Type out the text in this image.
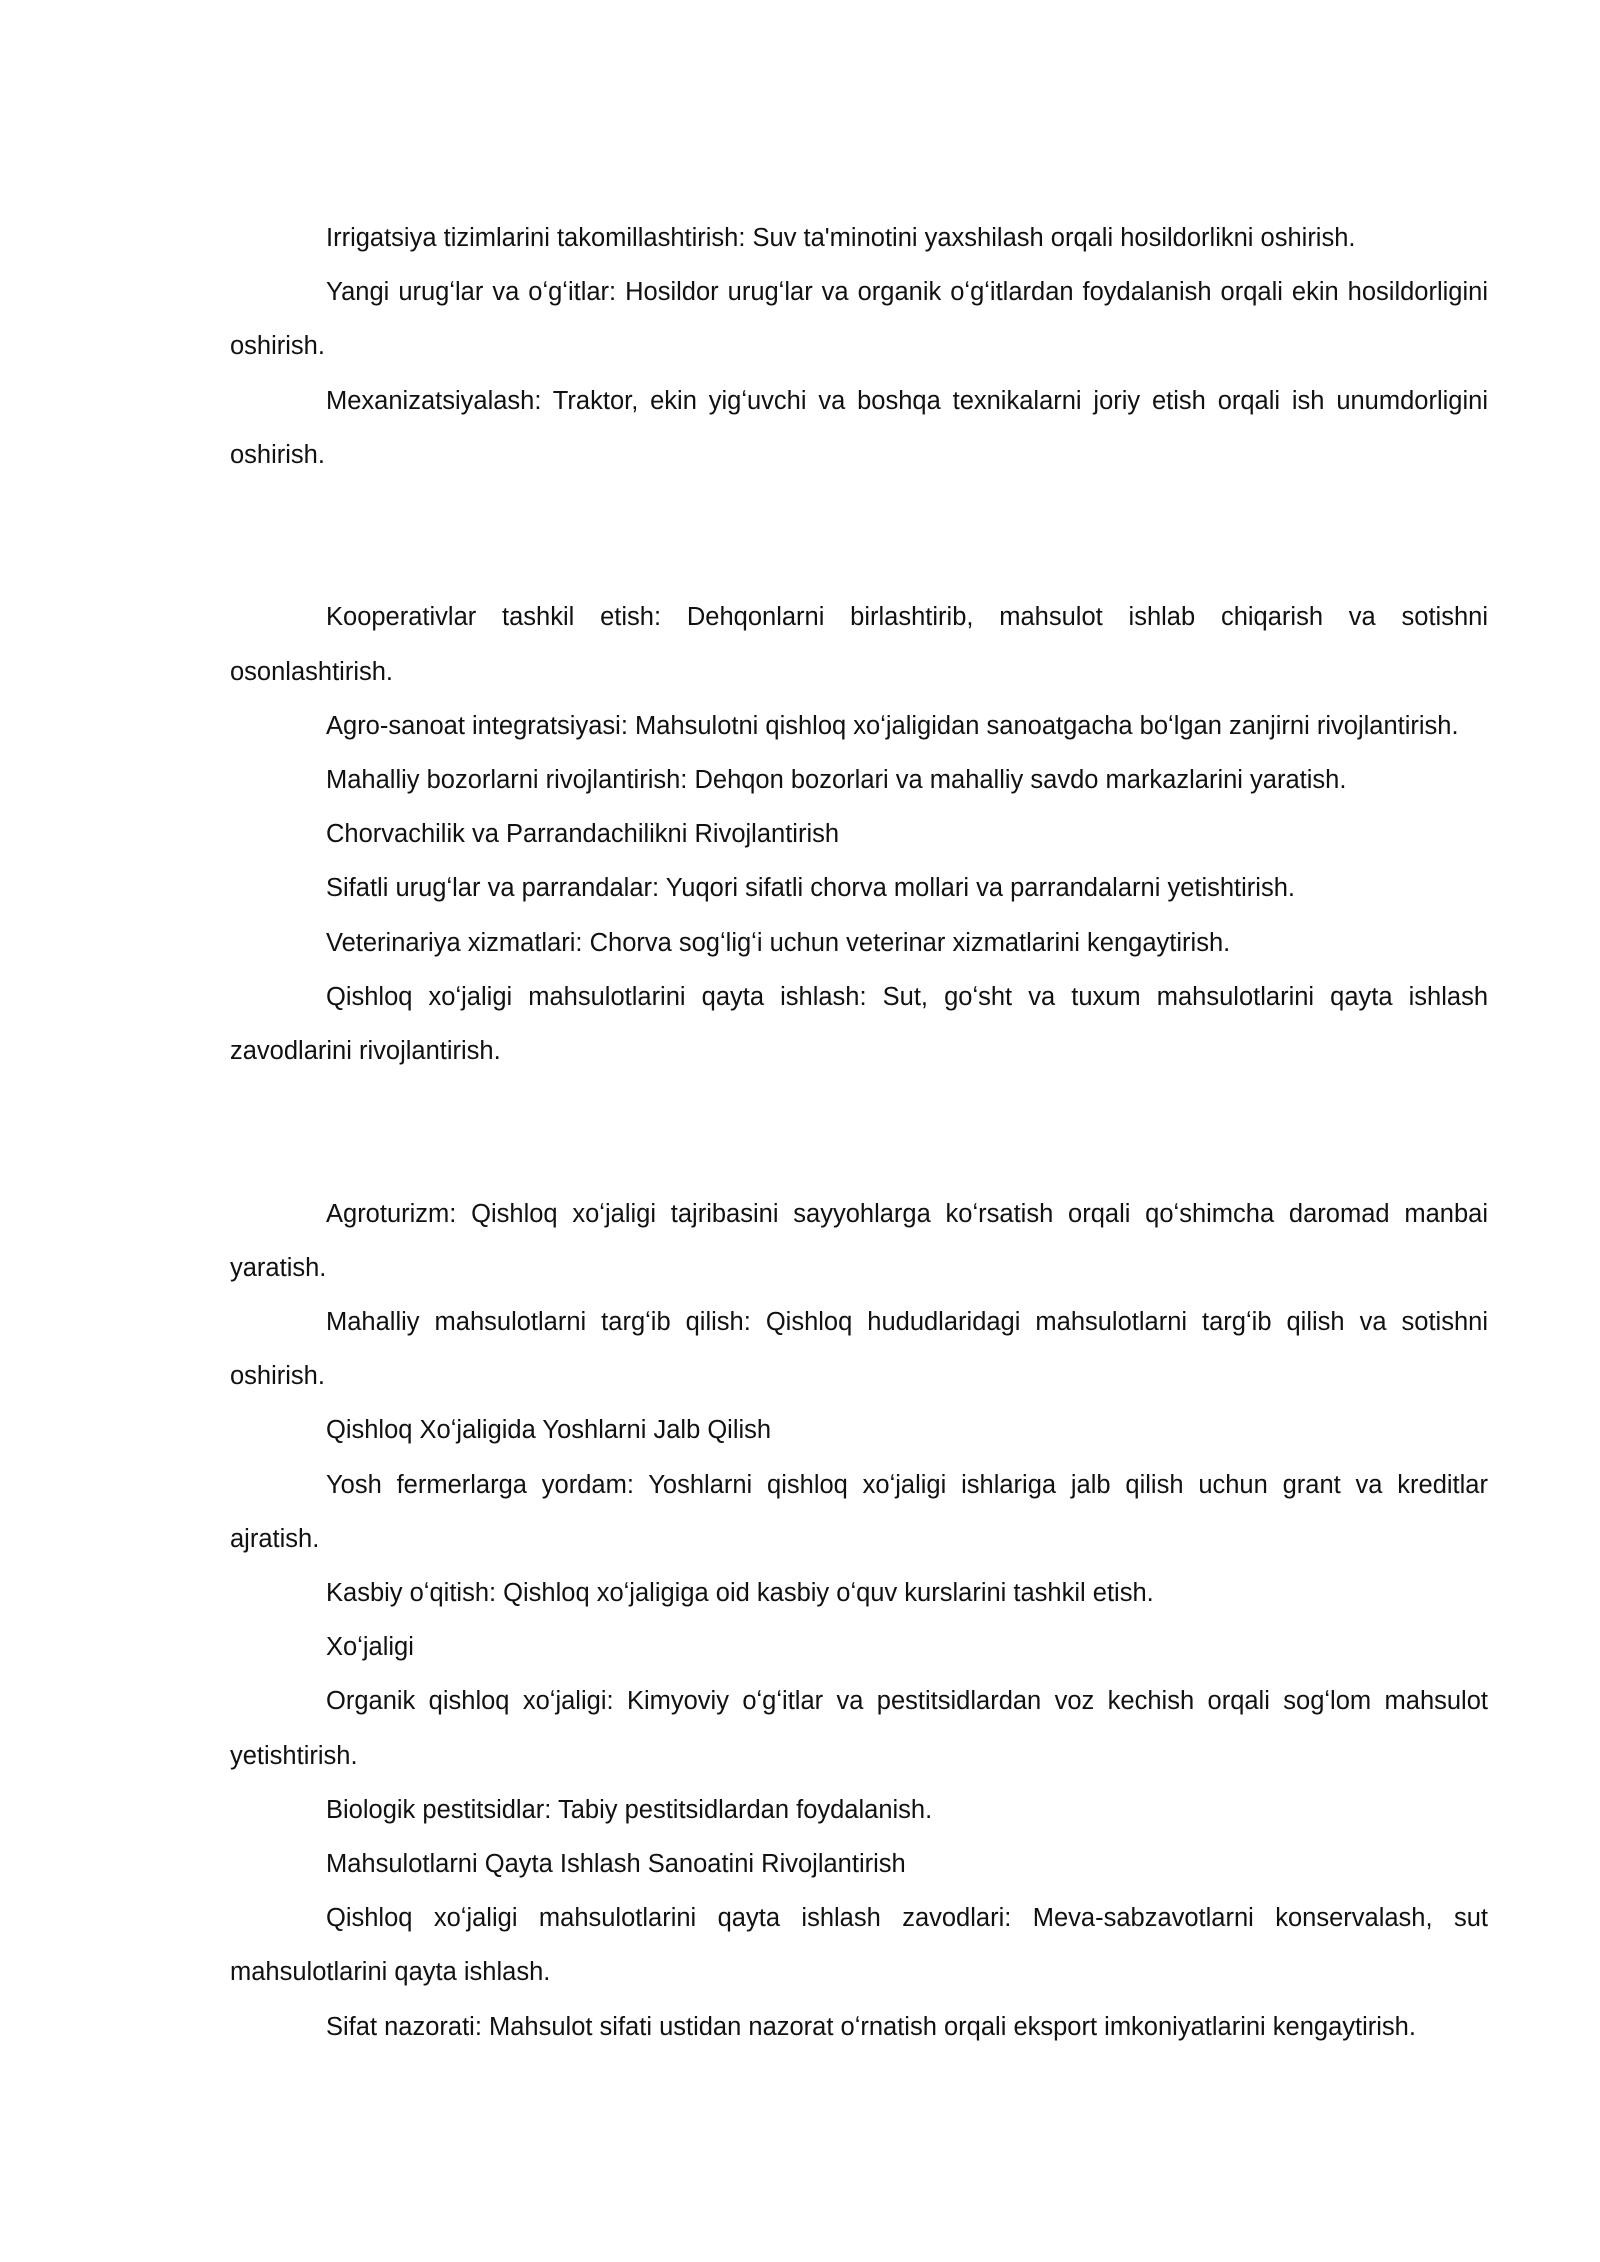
Irrigatsiya tizimlarini takomillashtirish: Suv ta'minotini yaxshilash orqali hosildorlikni oshirish.

Yangi urugʻlar va oʻgʻitlar: Hosildor urugʻlar va organik oʻgʻitlardan foydalanish orqali ekin hosildorligini oshirish.

Mexanizatsiyalash: Traktor, ekin yigʻuvchi va boshqa texnikalarni joriy etish orqali ish unumdorligini oshirish.

Kooperativlar tashkil etish: Dehqonlarni birlashtirib, mahsulot ishlab chiqarish va sotishni osonlashtirish.

Agro-sanoat integratsiyasi: Mahsulotni qishloq xoʻjaligidan sanoatgacha boʻlgan zanjirni rivojlantirish.

Mahalliy bozorlarni rivojlantirish: Dehqon bozorlari va mahalliy savdo markazlarini yaratish.

Chorvachilik va Parrandachilikni Rivojlantirish

Sifatli urugʻlar va parrandalar: Yuqori sifatli chorva mollari va parrandalarni yetishtirish.

Veterinariya xizmatlari: Chorva sogʻligʻi uchun veterinar xizmatlarini kengaytirish.

Qishloq xoʻjaligi mahsulotlarini qayta ishlash: Sut, goʻsht va tuxum mahsulotlarini qayta ishlash zavodlarini rivojlantirish.

Agroturizm: Qishloq xoʻjaligi tajribasini sayyohlarga koʻrsatish orqali qoʻshimcha daromad manbai yaratish.

Mahalliy mahsulotlarni targʻib qilish: Qishloq hududlaridagi mahsulotlarni targʻib qilish va sotishni oshirish.

Qishloq Xoʻjaligida Yoshlarni Jalb Qilish

Yosh fermerlarga yordam: Yoshlarni qishloq xoʻjaligi ishlariga jalb qilish uchun grant va kreditlar ajratish.

Kasbiy oʻqitish: Qishloq xoʻjaligiga oid kasbiy oʻquv kurslarini tashkil etish.

Xoʻjaligi

Organik qishloq xoʻjaligi: Kimyoviy oʻgʻitlar va pestitsidlardan voz kechish orqali sogʻlom mahsulot yetishtirish.

Biologik pestitsidlar: Tabiy pestitsidlardan foydalanish.

Mahsulotlarni Qayta Ishlash Sanoatini Rivojlantirish

Qishloq xoʻjaligi mahsulotlarini qayta ishlash zavodlari: Meva-sabzavotlarni konservalash, sut mahsulotlarini qayta ishlash.

Sifat nazorati: Mahsulot sifati ustidan nazorat oʻrnatish orqali eksport imkoniyatlarini kengaytirish.
